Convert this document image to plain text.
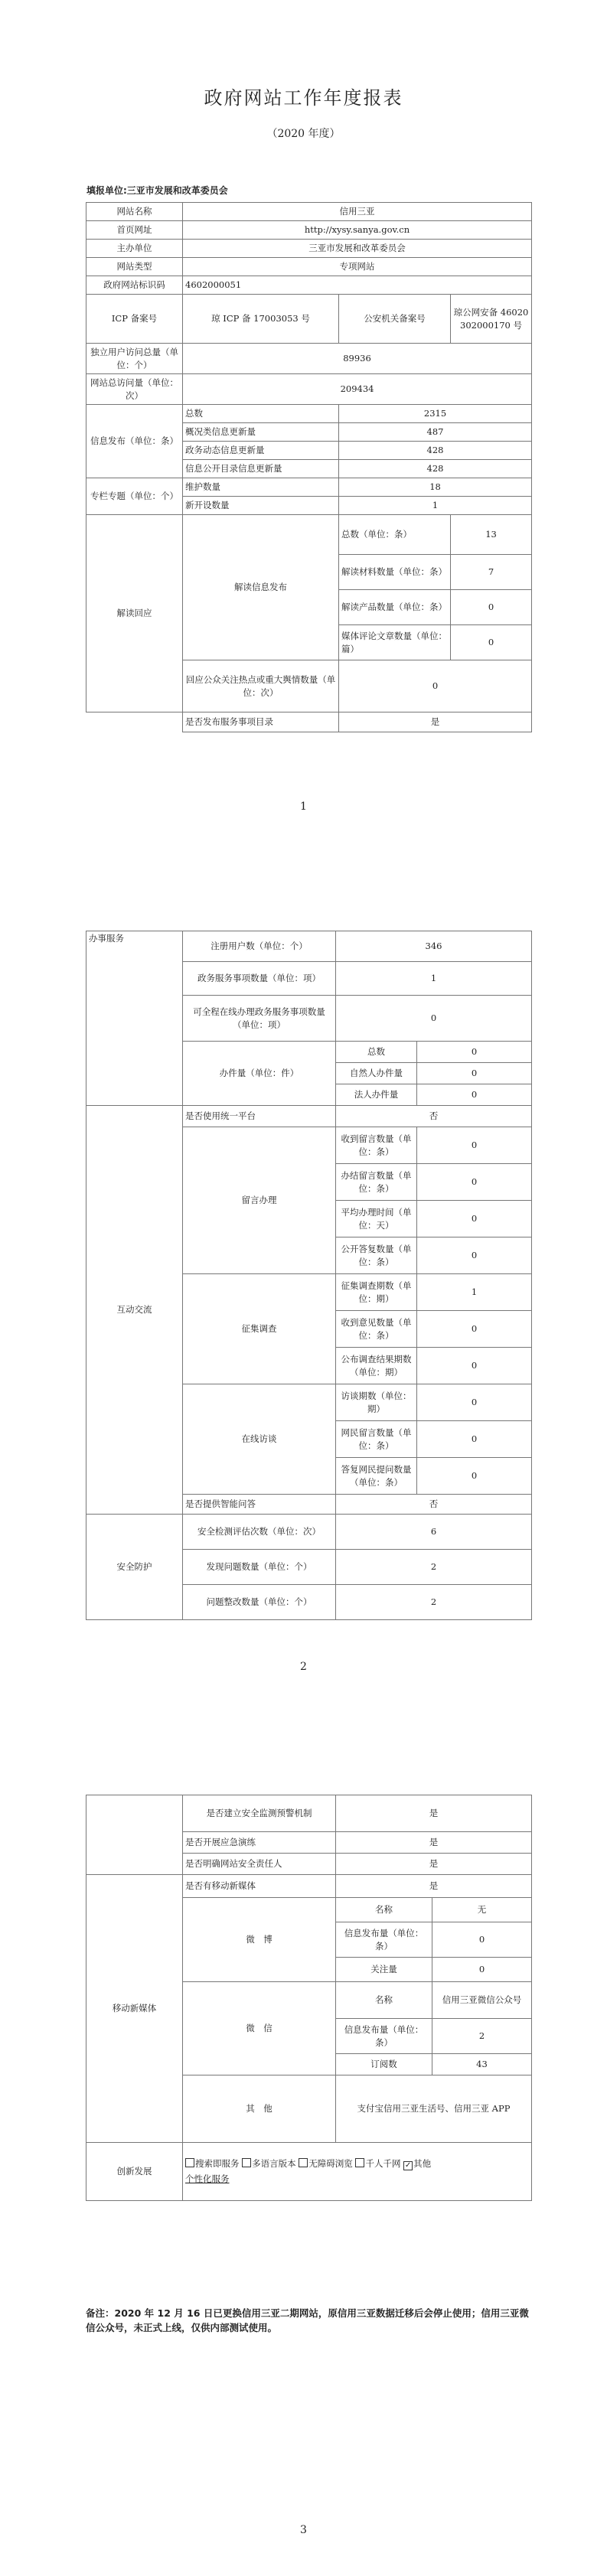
政府网站工作年度报表
（2020 年度）
填报单位:三亚市发展和改革委员会
网站名称	信用三亚		
首页网址	http://xysy.sanya.gov.cn		
主办单位	三亚市发展和改革委员会		
网站类型	专项网站		
政府网站标识码	4602000051		
ICP 备案号	琼 ICP 备 17003053 号	公安机关备案号	琼公网安备 46020302000170 号
独立用户访问总量（单位：个）	89936		
网站总访问量（单位：次）	209434		
信息发布（单位：条）	总数	2315	
	概况类信息更新量	487	
	政务动态信息更新量	428	
	信息公开目录信息更新量	428	
专栏专题（单位：个）	维护数量	18	
	新开设数量	1	
解读回应	解读信息发布	总数（单位：条）	13
		解读材料数量（单位：条）	7
		解读产品数量（单位：条）	0
		媒体评论文章数量（单位：篇）	0
	回应公众关注热点或重大舆情数量（单位：次）	0	
	是否发布服务事项目录	是	
1
办事服务	注册用户数（单位：个）	346	
	政务服务事项数量（单位：项）	1	
	可全程在线办理政务服务事项数量（单位：项）	0	
	办件量（单位：件）	总数	0
		自然人办件量	0
		法人办件量	0
互动交流	是否使用统一平台	否	
	留言办理	收到留言数量（单位：条）	0
		办结留言数量（单位：条）	0
		平均办理时间（单位：天）	0
		公开答复数量（单位：条）	0
	征集调查	征集调查期数（单位：期）	1
		收到意见数量（单位：条）	0
		公布调查结果期数（单位：期）	0
	在线访谈	访谈期数（单位：期）	0
		网民留言数量（单位：条）	0
		答复网民提问数量（单位：条）	0
	是否提供智能问答	否	
安全防护	安全检测评估次数（单位：次）	6	
	发现问题数量（单位：个）	2	
	问题整改数量（单位：个）	2	
2
	是否建立安全监测预警机制	是	
	是否开展应急演练	是	
	是否明确网站安全责任人	是	
移动新媒体	是否有移动新媒体	是	
	微　博	名称	无
		信息发布量（单位：条）	0
		关注量	0
	微　信	名称	信用三亚微信公众号
		信息发布量（单位：条）	2
		订阅数	43
	其　他	支付宝信用三亚生活号、信用三亚 APP	
创新发展	搜索即服务 多语言版本 无障碍浏览 千人千网 ✓ 其他
个性化服务		
备注：2020 年 12 月 16 日已更换信用三亚二期网站，原信用三亚数据迁移后会停止使用；信用三亚微信公众号，未正式上线，仅供内部测试使用。
3
